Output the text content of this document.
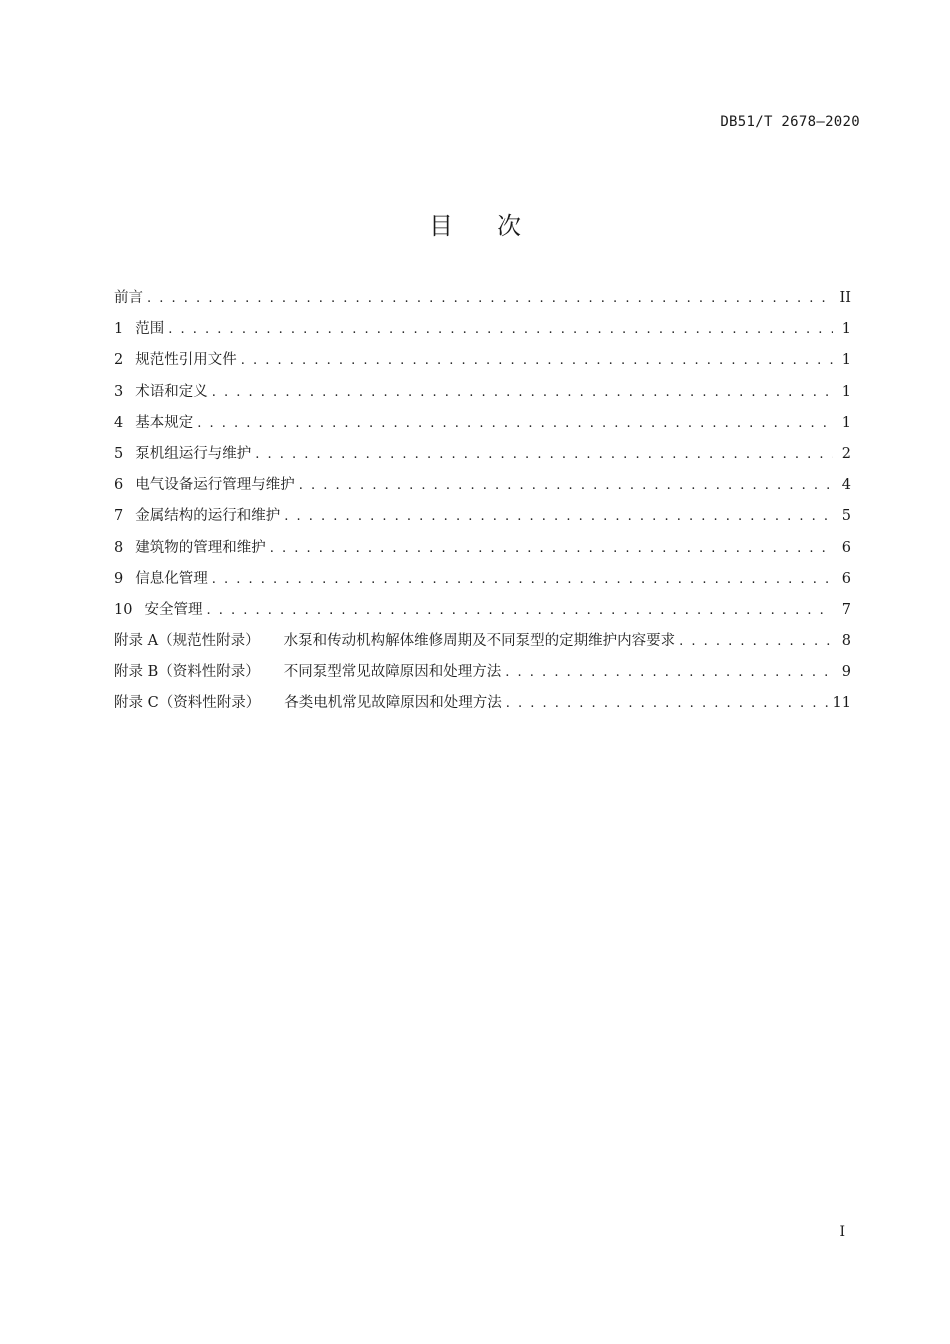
DB51/T 2678—2020
目次
前言 . . .	II
1 范围 . . .	1
2 规范性引用文件 . . .	1
3 术语和定义 . . .	1
4 基本规定 . . .	1
5 泵机组运行与维护 . . .	2
6 电气设备运行管理与维护 . . .	4
7 金属结构的运行和维护 . . .	5
8 建筑物的管理和维护 . . .	6
9 信息化管理 . . .	6
10 安全管理 . . .	7
附录 A（规范性附录） 水泵和传动机构解体维修周期及不同泵型的定期维护内容要求 . . .	8
附录 B（资料性附录） 不同泵型常见故障原因和处理方法 . . .	9
附录 C（资料性附录） 各类电机常见故障原因和处理方法 . . .	11
I
